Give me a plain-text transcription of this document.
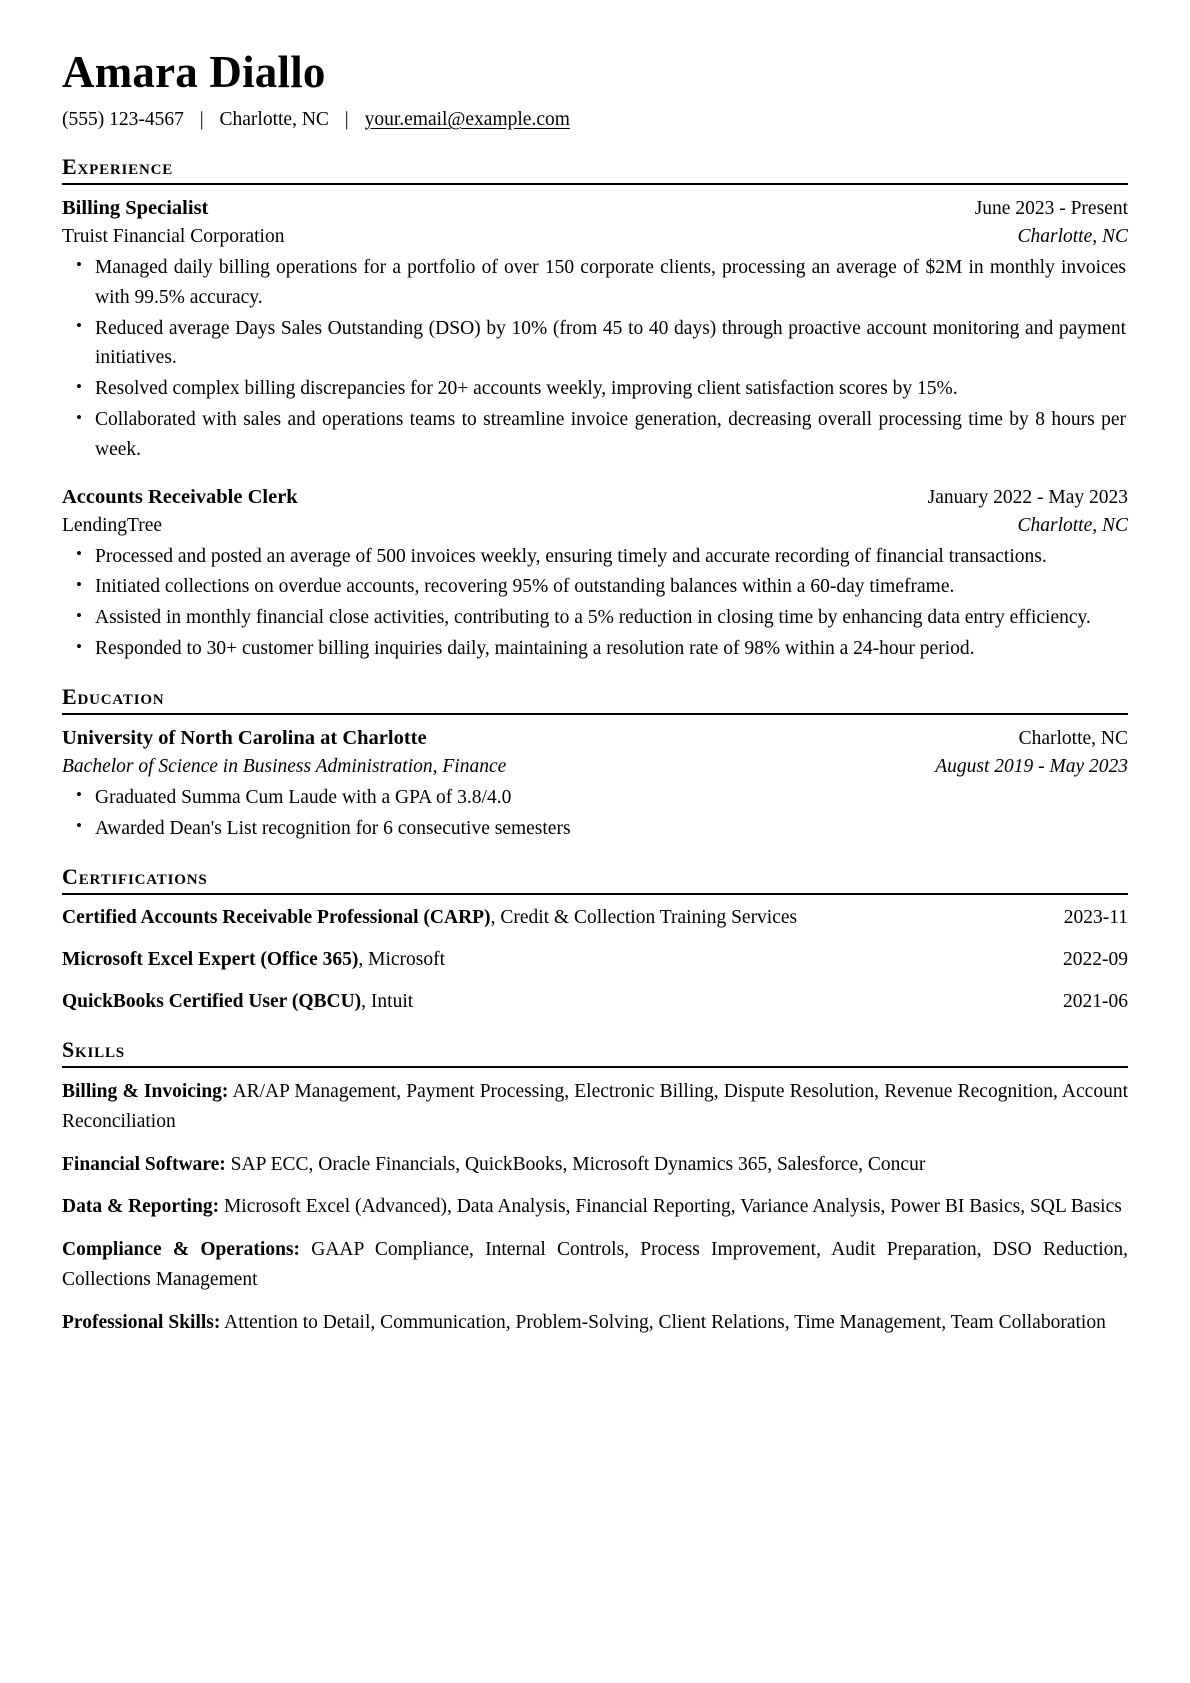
Amara Diallo
(555) 123-4567 | Charlotte, NC | your.email@example.com
Experience
Billing Specialist	June 2023 - Present
Truist Financial Corporation	Charlotte, NC
• Managed daily billing operations for a portfolio of over 150 corporate clients, processing an average of $2M in monthly invoices with 99.5% accuracy.
• Reduced average Days Sales Outstanding (DSO) by 10% (from 45 to 40 days) through proactive account monitoring and payment initiatives.
• Resolved complex billing discrepancies for 20+ accounts weekly, improving client satisfaction scores by 15%.
• Collaborated with sales and operations teams to streamline invoice generation, decreasing overall processing time by 8 hours per week.
Accounts Receivable Clerk	January 2022 - May 2023
LendingTree	Charlotte, NC
• Processed and posted an average of 500 invoices weekly, ensuring timely and accurate recording of financial transactions.
• Initiated collections on overdue accounts, recovering 95% of outstanding balances within a 60-day timeframe.
• Assisted in monthly financial close activities, contributing to a 5% reduction in closing time by enhancing data entry efficiency.
• Responded to 30+ customer billing inquiries daily, maintaining a resolution rate of 98% within a 24-hour period.
Education
University of North Carolina at Charlotte	Charlotte, NC
Bachelor of Science in Business Administration, Finance	August 2019 - May 2023
• Graduated Summa Cum Laude with a GPA of 3.8/4.0
• Awarded Dean's List recognition for 6 consecutive semesters
Certifications
Certified Accounts Receivable Professional (CARP), Credit & Collection Training Services	2023-11
Microsoft Excel Expert (Office 365), Microsoft	2022-09
QuickBooks Certified User (QBCU), Intuit	2021-06
Skills
Billing & Invoicing: AR/AP Management, Payment Processing, Electronic Billing, Dispute Resolution, Revenue Recognition, Account Reconciliation
Financial Software: SAP ECC, Oracle Financials, QuickBooks, Microsoft Dynamics 365, Salesforce, Concur
Data & Reporting: Microsoft Excel (Advanced), Data Analysis, Financial Reporting, Variance Analysis, Power BI Basics, SQL Basics
Compliance & Operations: GAAP Compliance, Internal Controls, Process Improvement, Audit Preparation, DSO Reduction, Collections Management
Professional Skills: Attention to Detail, Communication, Problem-Solving, Client Relations, Time Management, Team Collaboration
